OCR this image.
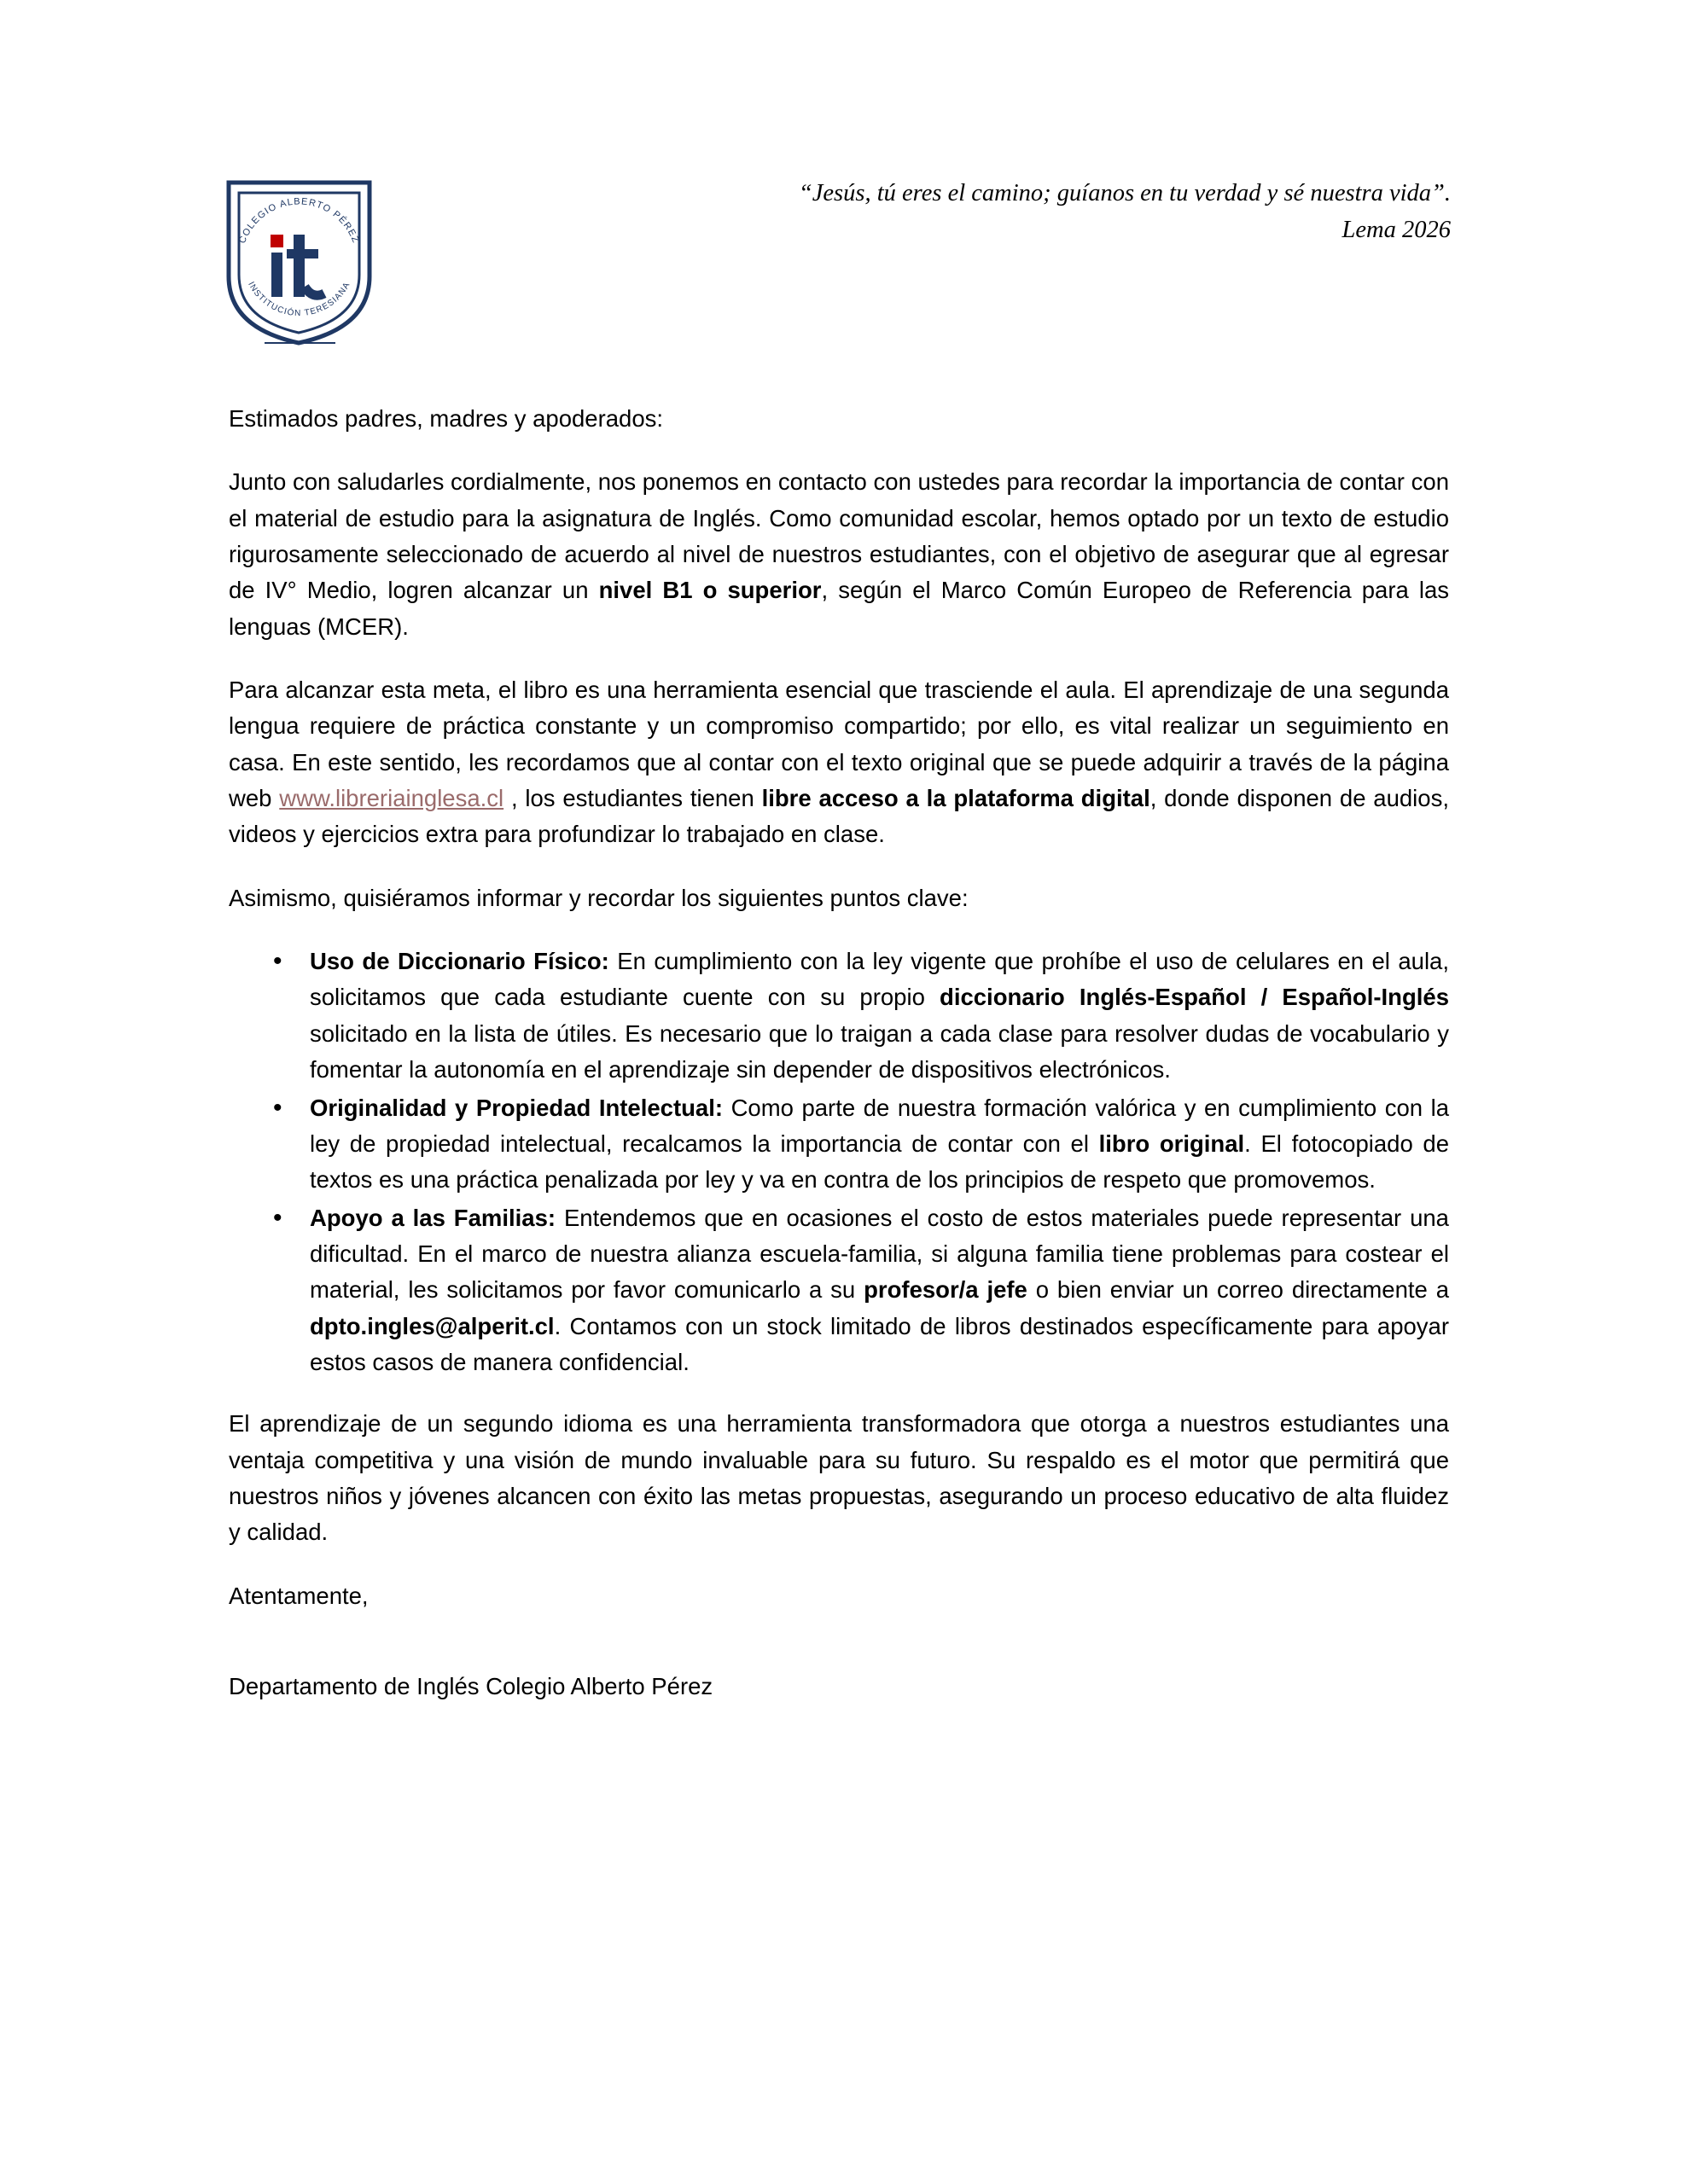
COLEGIO ALBERTO PÉREZ
INSTITUCIÓN TERESIANA
“Jesús, tú eres el camino; guíanos en tu verdad y sé nuestra vida”.
Lema 2026

Estimados padres, madres y apoderados:

Junto con saludarles cordialmente, nos ponemos en contacto con ustedes para recordar la importancia de contar con el material de estudio para la asignatura de Inglés. Como comunidad escolar, hemos optado por un texto de estudio rigurosamente seleccionado de acuerdo al nivel de nuestros estudiantes, con el objetivo de asegurar que al egresar de IV° Medio, logren alcanzar un nivel B1 o superior, según el Marco Común Europeo de Referencia para las lenguas (MCER).

Para alcanzar esta meta, el libro es una herramienta esencial que trasciende el aula. El aprendizaje de una segunda lengua requiere de práctica constante y un compromiso compartido; por ello, es vital realizar un seguimiento en casa. En este sentido, les recordamos que al contar con el texto original que se puede adquirir a través de la página web www.libreriainglesa.cl , los estudiantes tienen libre acceso a la plataforma digital, donde disponen de audios, videos y ejercicios extra para profundizar lo trabajado en clase.

Asimismo, quisiéramos informar y recordar los siguientes puntos clave:

• Uso de Diccionario Físico: En cumplimiento con la ley vigente que prohíbe el uso de celulares en el aula, solicitamos que cada estudiante cuente con su propio diccionario Inglés-Español / Español-Inglés solicitado en la lista de útiles. Es necesario que lo traigan a cada clase para resolver dudas de vocabulario y fomentar la autonomía en el aprendizaje sin depender de dispositivos electrónicos.
• Originalidad y Propiedad Intelectual: Como parte de nuestra formación valórica y en cumplimiento con la ley de propiedad intelectual, recalcamos la importancia de contar con el libro original. El fotocopiado de textos es una práctica penalizada por ley y va en contra de los principios de respeto que promovemos.
• Apoyo a las Familias: Entendemos que en ocasiones el costo de estos materiales puede representar una dificultad. En el marco de nuestra alianza escuela-familia, si alguna familia tiene problemas para costear el material, les solicitamos por favor comunicarlo a su profesor/a jefe o bien enviar un correo directamente a dpto.ingles@alperit.cl. Contamos con un stock limitado de libros destinados específicamente para apoyar estos casos de manera confidencial.

El aprendizaje de un segundo idioma es una herramienta transformadora que otorga a nuestros estudiantes una ventaja competitiva y una visión de mundo invaluable para su futuro. Su respaldo es el motor que permitirá que nuestros niños y jóvenes alcancen con éxito las metas propuestas, asegurando un proceso educativo de alta fluidez y calidad.

Atentamente,

Departamento de Inglés Colegio Alberto Pérez
